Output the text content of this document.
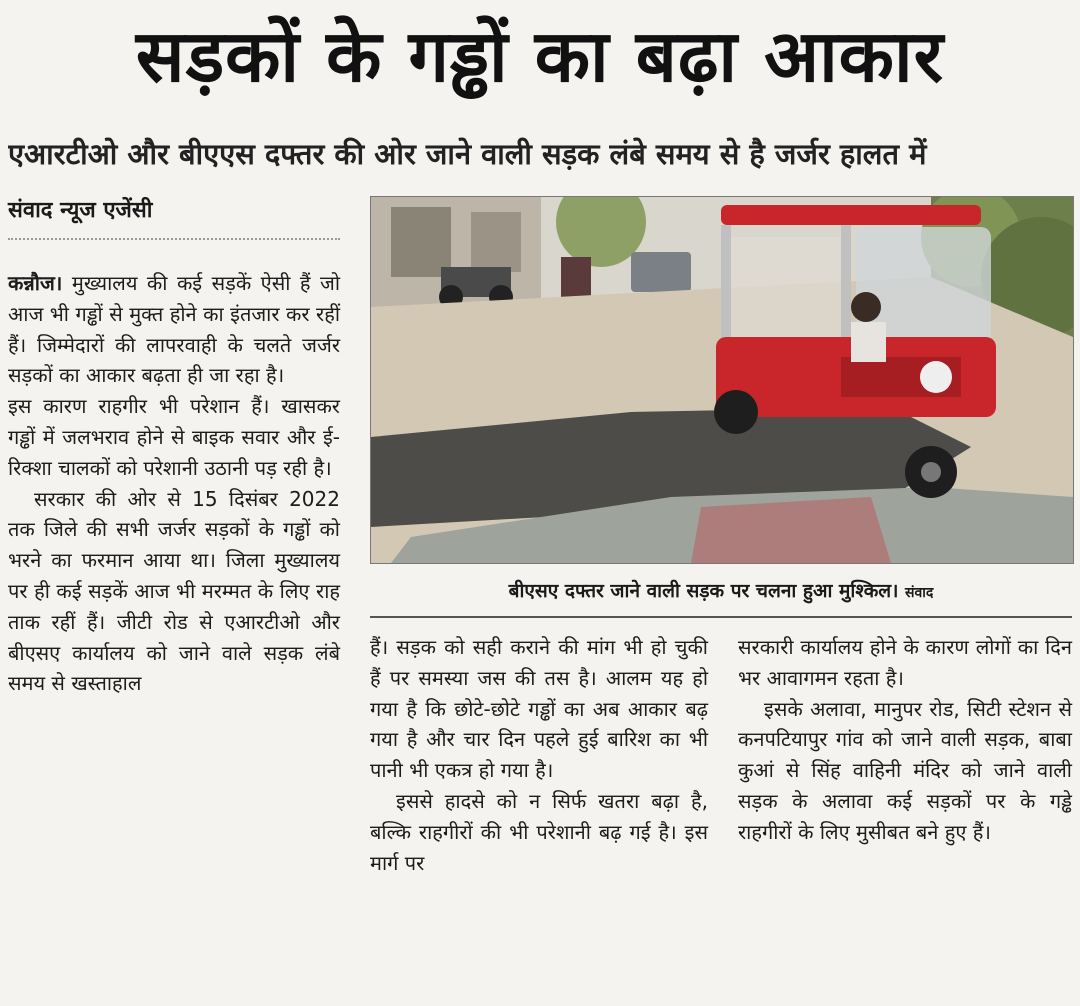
सड़कों के गड्ढों का बढ़ा आकार
एआरटीओ और बीएएस दफ्तर की ओर जाने वाली सड़क लंबे समय से है जर्जर हालत में
संवाद न्यूज एजेंसी

कन्नौज। मुख्यालय की कई सड़कें ऐसी हैं जो आज भी गड्ढों से मुक्त होने का इंतजार कर रहीं हैं। जिम्मेदारों की लापरवाही के चलते जर्जर सड़कों का आकार बढ़ता ही जा रहा है।

इस कारण राहगीर भी परेशान हैं। खासकर गड्ढों में जलभराव होने से बाइक सवार और ई-रिक्शा चालकों को परेशानी उठानी पड़ रही है।

सरकार की ओर से 15 दिसंबर 2022 तक जिले की सभी जर्जर सड़कों के गड्ढों को भरने का फरमान आया था। जिला मुख्यालय पर ही कई सड़कें आज भी मरम्मत के लिए राह ताक रहीं हैं। जीटी रोड से एआरटीओ और बीएसए कार्यालय को जाने वाले सड़क लंबे समय से खस्ताहाल

बीएसए दफ्तर जाने वाली सड़क पर चलना हुआ मुश्किल। संवाद

हैं। सड़क को सही कराने की मांग भी हो चुकी हैं पर समस्या जस की तस है। आलम यह हो गया है कि छोटे-छोटे गड्ढों का अब आकार बढ़ गया है और चार दिन पहले हुई बारिश का भी पानी भी एकत्र हो गया है।

इससे हादसे को न सिर्फ खतरा बढ़ा है, बल्कि राहगीरों की भी परेशानी बढ़ गई है। इस मार्ग पर

सरकारी कार्यालय होने के कारण लोगों का दिन भर आवागमन रहता है।

इसके अलावा, मानुपर रोड, सिटी स्टेशन से कनपटियापुर गांव को जाने वाली सड़क, बाबा कुआं से सिंह वाहिनी मंदिर को जाने वाली सड़क के अलावा कई सड़कों पर के गड्ढे राहगीरों के लिए मुसीबत बने हुए हैं।
